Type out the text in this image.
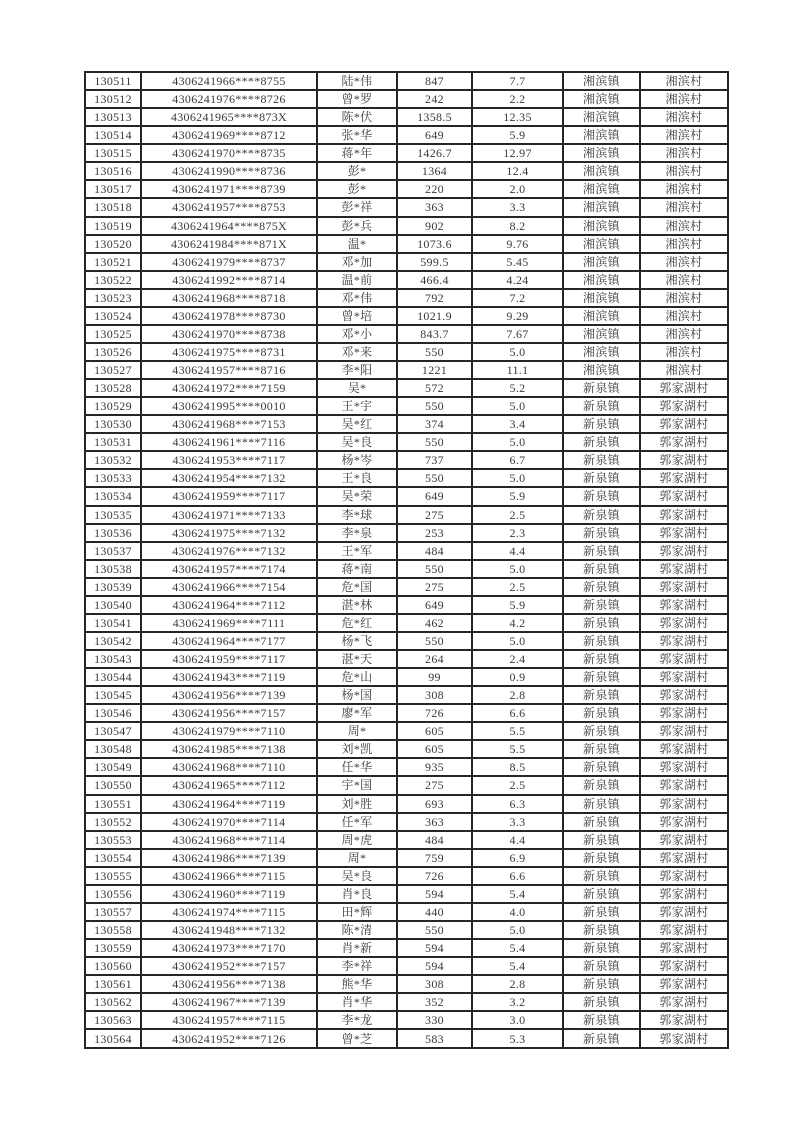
130511	4306241966****8755	陆*伟	847	7.7	湘滨镇	湘滨村
130512	4306241976****8726	曾*罗	242	2.2	湘滨镇	湘滨村
130513	4306241965****873X	陈*伏	1358.5	12.35	湘滨镇	湘滨村
130514	4306241969****8712	张*华	649	5.9	湘滨镇	湘滨村
130515	4306241970****8735	蒋*年	1426.7	12.97	湘滨镇	湘滨村
130516	4306241990****8736	彭*	1364	12.4	湘滨镇	湘滨村
130517	4306241971****8739	彭*	220	2.0	湘滨镇	湘滨村
130518	4306241957****8753	彭*祥	363	3.3	湘滨镇	湘滨村
130519	4306241964****875X	彭*兵	902	8.2	湘滨镇	湘滨村
130520	4306241984****871X	温*	1073.6	9.76	湘滨镇	湘滨村
130521	4306241979****8737	邓*加	599.5	5.45	湘滨镇	湘滨村
130522	4306241992****8714	温*前	466.4	4.24	湘滨镇	湘滨村
130523	4306241968****8718	邓*伟	792	7.2	湘滨镇	湘滨村
130524	4306241978****8730	曾*培	1021.9	9.29	湘滨镇	湘滨村
130525	4306241970****8738	邓*小	843.7	7.67	湘滨镇	湘滨村
130526	4306241975****8731	邓*来	550	5.0	湘滨镇	湘滨村
130527	4306241957****8716	李*阳	1221	11.1	湘滨镇	湘滨村
130528	4306241972****7159	吴*	572	5.2	新泉镇	郭家湖村
130529	4306241995****0010	王*宇	550	5.0	新泉镇	郭家湖村
130530	4306241968****7153	吴*红	374	3.4	新泉镇	郭家湖村
130531	4306241961****7116	吴*良	550	5.0	新泉镇	郭家湖村
130532	4306241953****7117	杨*岑	737	6.7	新泉镇	郭家湖村
130533	4306241954****7132	王*良	550	5.0	新泉镇	郭家湖村
130534	4306241959****7117	吴*荣	649	5.9	新泉镇	郭家湖村
130535	4306241971****7133	李*球	275	2.5	新泉镇	郭家湖村
130536	4306241975****7132	李*泉	253	2.3	新泉镇	郭家湖村
130537	4306241976****7132	王*军	484	4.4	新泉镇	郭家湖村
130538	4306241957****7174	蒋*南	550	5.0	新泉镇	郭家湖村
130539	4306241966****7154	危*国	275	2.5	新泉镇	郭家湖村
130540	4306241964****7112	湛*林	649	5.9	新泉镇	郭家湖村
130541	4306241969****7111	危*红	462	4.2	新泉镇	郭家湖村
130542	4306241964****7177	杨*飞	550	5.0	新泉镇	郭家湖村
130543	4306241959****7117	湛*天	264	2.4	新泉镇	郭家湖村
130544	4306241943****7119	危*山	99	0.9	新泉镇	郭家湖村
130545	4306241956****7139	杨*国	308	2.8	新泉镇	郭家湖村
130546	4306241956****7157	廖*军	726	6.6	新泉镇	郭家湖村
130547	4306241979****7110	周*	605	5.5	新泉镇	郭家湖村
130548	4306241985****7138	刘*凯	605	5.5	新泉镇	郭家湖村
130549	4306241968****7110	任*华	935	8.5	新泉镇	郭家湖村
130550	4306241965****7112	宇*国	275	2.5	新泉镇	郭家湖村
130551	4306241964****7119	刘*胜	693	6.3	新泉镇	郭家湖村
130552	4306241970****7114	任*军	363	3.3	新泉镇	郭家湖村
130553	4306241968****7114	周*虎	484	4.4	新泉镇	郭家湖村
130554	4306241986****7139	周*	759	6.9	新泉镇	郭家湖村
130555	4306241966****7115	吴*良	726	6.6	新泉镇	郭家湖村
130556	4306241960****7119	肖*良	594	5.4	新泉镇	郭家湖村
130557	4306241974****7115	田*辉	440	4.0	新泉镇	郭家湖村
130558	4306241948****7132	陈*清	550	5.0	新泉镇	郭家湖村
130559	4306241973****7170	肖*新	594	5.4	新泉镇	郭家湖村
130560	4306241952****7157	李*祥	594	5.4	新泉镇	郭家湖村
130561	4306241956****7138	熊*华	308	2.8	新泉镇	郭家湖村
130562	4306241967****7139	肖*华	352	3.2	新泉镇	郭家湖村
130563	4306241957****7115	李*龙	330	3.0	新泉镇	郭家湖村
130564	4306241952****7126	曾*芝	583	5.3	新泉镇	郭家湖村
